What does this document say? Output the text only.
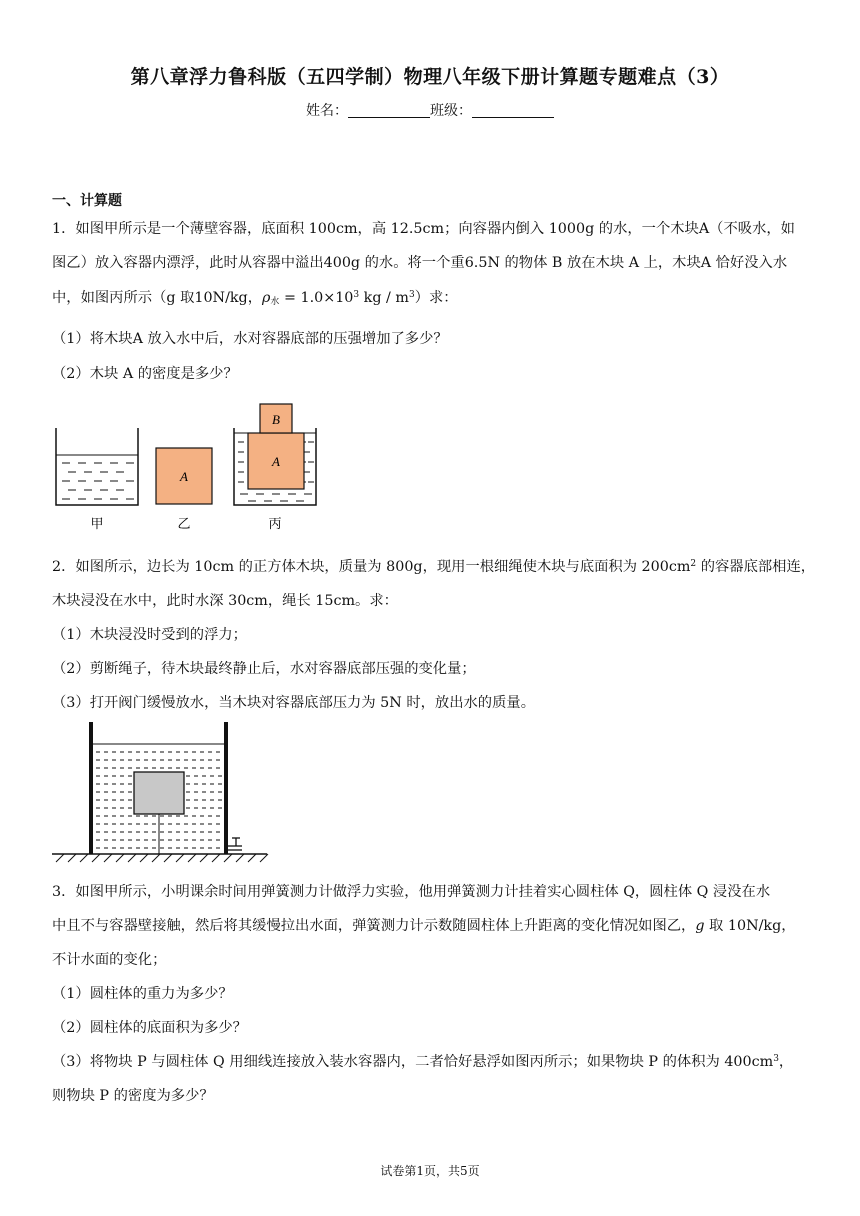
第八章浮力鲁科版（五四学制）物理八年级下册计算题专题难点（3）
姓名：	班级：
一、计算题
1．如图甲所示是一个薄壁容器，底面积 100cm，高 12.5cm；向容器内倒入 1000g 的水，一个木块A（不吸水，如
图乙）放入容器内漂浮，此时从容器中溢出400g 的水。将一个重6.5N 的物体 B 放在木块 A 上，木块A 恰好没入水
中，如图丙所示（g 取10N/kg，$\rho_水 = 1.0\times 10^3$ kg / $m^3$）求：
（1）将木块A 放入水中后，水对容器底部的压强增加了多少？
（2）木块 A 的密度是多少？
A
A
B
甲	乙	丙
2．如图所示，边长为 10cm 的正方体木块，质量为 800g，现用一根细绳使木块与底面积为 $200cm^2$ 的容器底部相连，
木块浸没在水中，此时水深 30cm，绳长 15cm。求：
（1）木块浸没时受到的浮力；
（2）剪断绳子，待木块最终静止后，水对容器底部压强的变化量；
（3）打开阀门缓慢放水，当木块对容器底部压力为 5N 时，放出水的质量。
3．如图甲所示，小明课余时间用弹簧测力计做浮力实验，他用弹簧测力计挂着实心圆柱体 Q，圆柱体 Q 浸没在水
中且不与容器壁接触，然后将其缓慢拉出水面，弹簧测力计示数随圆柱体上升距离的变化情况如图乙，g 取 10N/kg，
不计水面的变化；
（1）圆柱体的重力为多少？
（2）圆柱体的底面积为多少？
（3）将物块 P 与圆柱体 Q 用细线连接放入装水容器内，二者恰好悬浮如图丙所示；如果物块 P 的体积为 $400cm^3$，
则物块 P 的密度为多少？
试卷第1页，共5页
